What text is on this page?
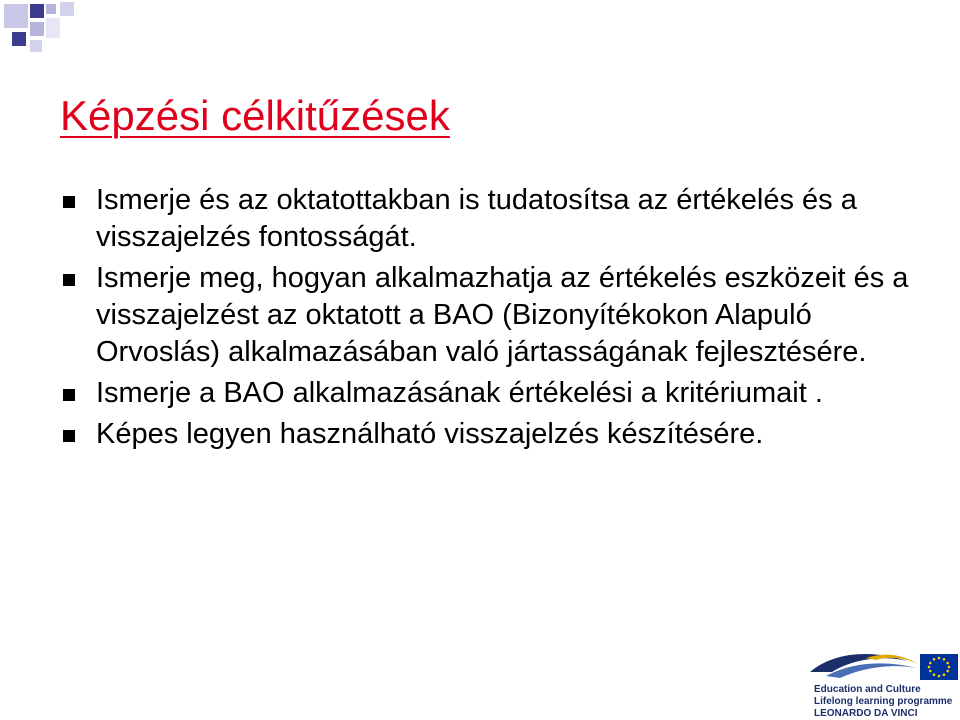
Képzési célkitűzések
Ismerje és az oktatottakban is tudatosítsa az értékelés és a visszajelzés fontosságát.
Ismerje meg, hogyan alkalmazhatja az értékelés eszközeit és a visszajelzést az oktatott a BAO (Bizonyítékokon Alapuló Orvoslás) alkalmazásában való jártasságának fejlesztésére.
Ismerje a BAO alkalmazásának értékelési a kritériumait .
Képes legyen használható visszajelzés készítésére.
Education and Culture
Lifelong learning programme
LEONARDO DA VINCI
